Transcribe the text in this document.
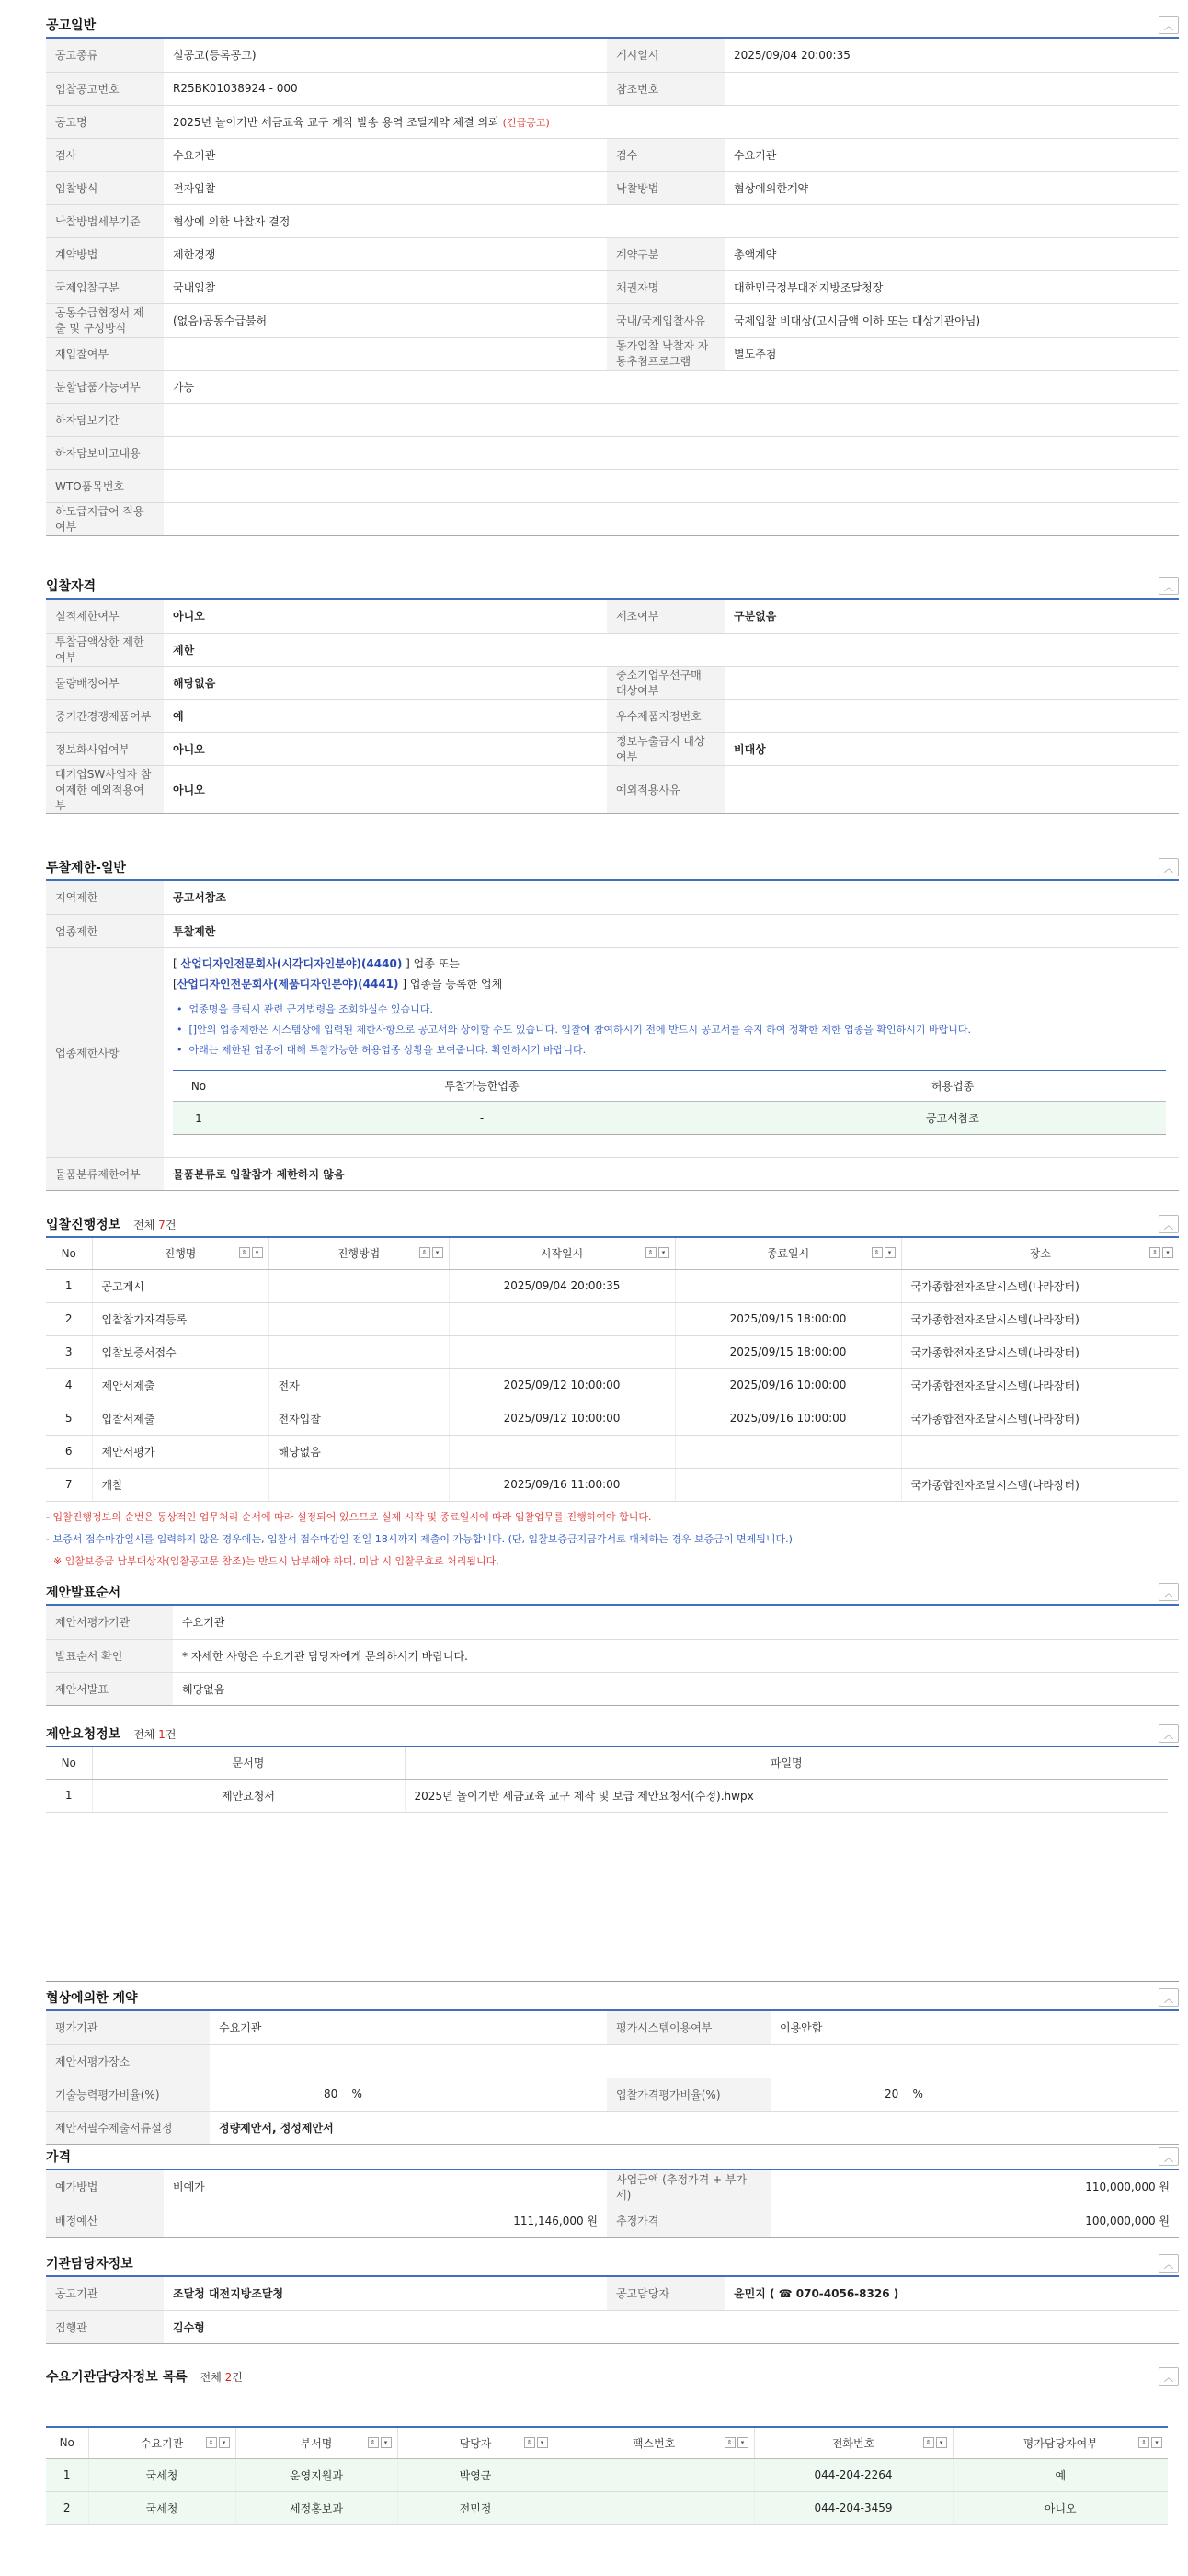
공고일반	︿
공고종류	실공고(등록공고)	게시일시	2025/09/04 20:00:35
입찰공고번호	R25BK01038924 - 000	참조번호	
공고명	2025년 놀이기반 세금교육 교구 제작 발송 용역 조달계약 체결 의뢰 (긴급공고)		
검사	수요기관	검수	수요기관
입찰방식	전자입찰	낙찰방법	협상에의한계약
낙찰방법세부기준	협상에 의한 낙찰자 결정		
계약방법	제한경쟁	계약구분	총액계약
국제입찰구분	국내입찰	채권자명	대한민국정부대전지방조달청장
공동수급협정서 제출 및 구성방식	(없음)공동수급불허	국내/국제입찰사유	국제입찰 비대상(고시금액 이하 또는 대상기관아님)
재입찰여부		동가입찰 낙찰자 자동추첨프로그램	별도추첨
분할납품가능여부	가능		
하자담보기간			
하자담보비고내용			
WTO품목번호			
하도급지급여 적용여부			
입찰자격	︿
실적제한여부	아니오	제조여부	구분없음
투찰금액상한 제한여부	제한		
물량배정여부	해당없음	중소기업우선구매 대상여부	
중기간경쟁제품여부	예	우수제품지정번호	
정보화사업여부	아니오	정보누출금지 대상여부	비대상
대기업SW사업자 참여제한 예외적용여부	아니오	예외적용사유	
투찰제한-일반	︿
지역제한	공고서참조
업종제한	투찰제한
업종제한사항	
[ 산업디자인전문회사(시각디자인분야)(4440) ] 업종 또는
[산업디자인전문회사(제품디자인분야)(4441) ] 업종을 등록한 업체
•  업종명을 클릭시 관련 근거법령을 조회하실수 있습니다.
•  []안의 업종제한은 시스템상에 입력된 제한사항으로 공고서와 상이할 수도 있습니다. 입찰에 참여하시기 전에 반드시 공고서를 숙지 하여 정확한 제한 업종을 확인하시기 바랍니다.
•  아래는 제한된 업종에 대해 투찰가능한 허용업종 상황을 보여줍니다. 확인하시기 바랍니다.
No	투찰가능한업종	허용업종
1	-	공고서참조

물품분류제한여부	물품분류로 입찰참가 제한하지 않음
입찰진행정보 전체 7건	︿
No	진행명 ⇕ ▾	진행방법 ⇕ ▾	시작일시 ⇕ ▾	종료일시 ⇕ ▾	장소 ⇕ ▾

1	공고게시		2025/09/04 20:00:35		국가종합전자조달시스템(나라장터)
2	입찰참가자격등록			2025/09/15 18:00:00	국가종합전자조달시스템(나라장터)
3	입찰보증서접수			2025/09/15 18:00:00	국가종합전자조달시스템(나라장터)
4	제안서제출	전자	2025/09/12 10:00:00	2025/09/16 10:00:00	국가종합전자조달시스템(나라장터)
5	입찰서제출	전자입찰	2025/09/12 10:00:00	2025/09/16 10:00:00	국가종합전자조달시스템(나라장터)
6	제안서평가	해당없음			
7	개찰		2025/09/16 11:00:00		국가종합전자조달시스템(나라장터)
- 입찰진행정보의 순번은 동상적인 업무처리 순서에 따라 설정되어 있으므로 실제 시작 및 종료일시에 따라 입찰업무를 진행하여야 합니다.
- 보증서 접수마감일시를 입력하지 않은 경우에는, 입찰서 접수마감일 전일 18시까지 제출이 가능합니다. (단, 입찰보증금지급각서로 대체하는 경우 보증금이 면제됩니다.)
※ 입찰보증금 납부대상자(입찰공고문 참조)는 반드시 납부해야 하며, 미납 시 입찰무효로 처리됩니다.
제안발표순서	︿
제안서평가기관	수요기관
발표순서 확인	* 자세한 사항은 수요기관 담당자에게 문의하시기 바랍니다.
제안서발표	해당없음
제안요청정보 전체 1건	︿
No	문서명	파일명
1	제안요청서	2025년 놀이기반 세금교육 교구 제작 및 보급 제안요청서(수정).hwpx
협상에의한 계약	︿
평가기관	수요기관	평가시스템이용여부	이용안함
제안서평가장소			
기술능력평가비율(%)	80 %	입찰가격평가비율(%)	20 %
제안서필수제출서류설정	정량제안서, 정성제안서		
가격	︿
예가방법	비예가	사업금액 (추정가격 + 부가세)	110,000,000 원
배정예산	111,146,000 원	추정가격	100,000,000 원
기관담당자정보	︿
공고기관	조달청 대전지방조달청	공고담당자	윤민지 ( ☎ 070-4056-8326 )
집행관	김수형		
수요기관담당자정보 목록 전체 2건	︿
No	수요기관 ⇕ ▾	부서명 ⇕ ▾	담당자 ⇕ ▾	팩스번호 ⇕ ▾	전화번호 ⇕ ▾	평가담당자여부 ⇕ ▾

1	국세청	운영지원과	박영균		044-204-2264	예
2	국세청	세정홍보과	전민정		044-204-3459	아니오
